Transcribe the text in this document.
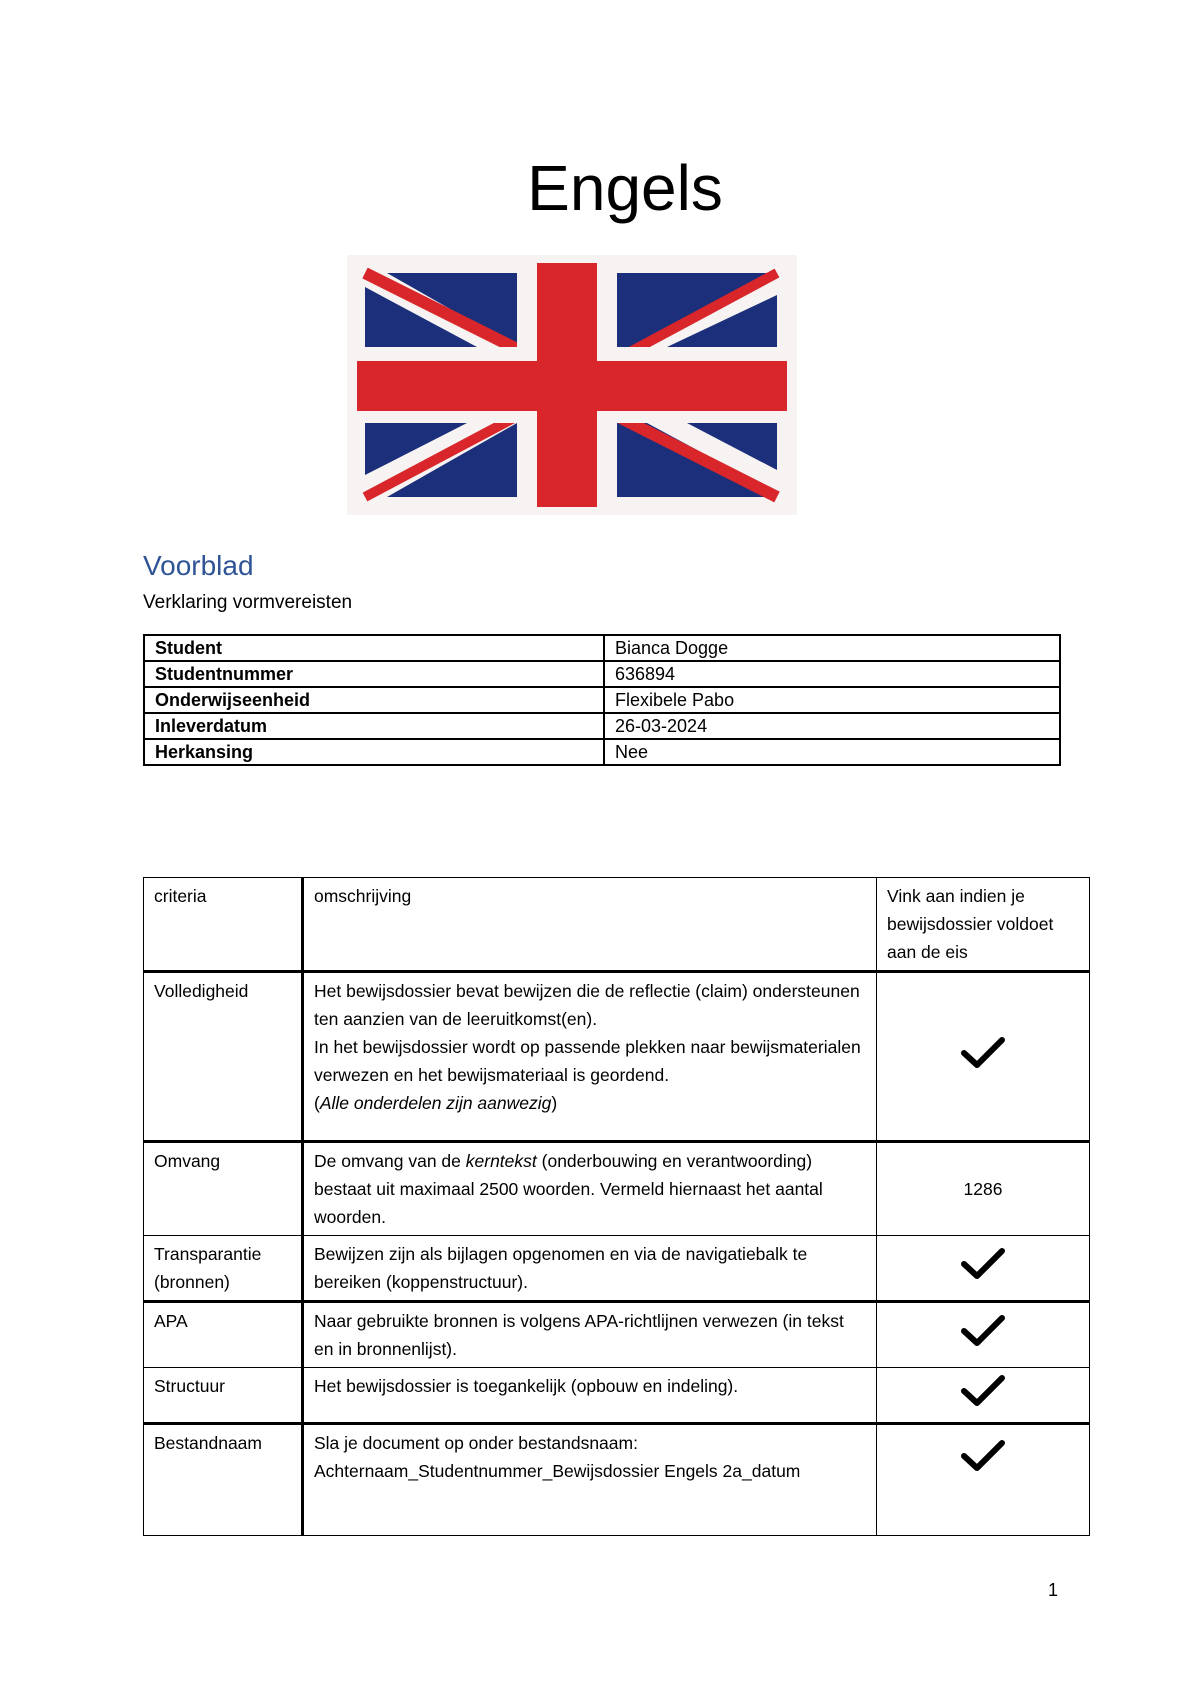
Engels
Voorblad
Verklaring vormvereisten
Student	Bianca Dogge
Studentnummer	636894
Onderwijseenheid	Flexibele Pabo
Inleverdatum	26-03-2024
Herkansing	Nee
criteria	omschrijving	Vink aan indien je bewijsdossier voldoet aan de eis
Volledigheid	Het bewijsdossier bevat bewijzen die de reflectie (claim) ondersteunen ten aanzien van de leeruitkomst(en).
In het bewijsdossier wordt op passende plekken naar bewijsmaterialen verwezen en het bewijsmateriaal is geordend.
(Alle onderdelen zijn aanwezig)	
Omvang	De omvang van de kerntekst (onderbouwing en verantwoording) bestaat uit maximaal 2500 woorden. Vermeld hiernaast het aantal woorden.	1286
Transparantie (bronnen)	Bewijzen zijn als bijlagen opgenomen en via de navigatiebalk te bereiken (koppenstructuur).	
APA	Naar gebruikte bronnen is volgens APA-richtlijnen verwezen (in tekst en in bronnenlijst).	
Structuur	Het bewijsdossier is toegankelijk (opbouw en indeling).	
Bestandnaam	Sla je document op onder bestandsnaam:
Achternaam_Studentnummer_Bewijsdossier Engels 2a_datum	
1
